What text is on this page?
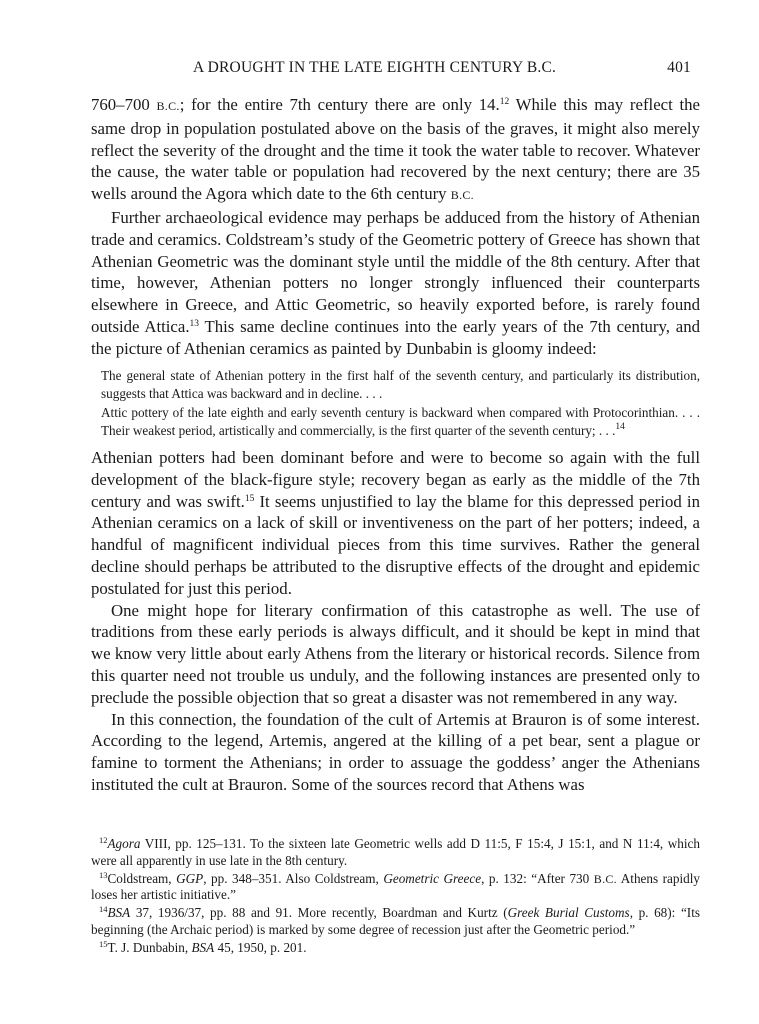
A DROUGHT IN THE LATE EIGHTH CENTURY B.C.	401

760–700 B.C.; for the entire 7th century there are only 14.12 While this may reflect the same drop in population postulated above on the basis of the graves, it might also merely reflect the severity of the drought and the time it took the water table to recover. Whatever the cause, the water table or population had recovered by the next century; there are 35 wells around the Agora which date to the 6th century B.C.

Further archaeological evidence may perhaps be adduced from the history of Athenian trade and ceramics. Coldstream’s study of the Geometric pottery of Greece has shown that Athenian Geometric was the dominant style until the middle of the 8th century. After that time, however, Athenian potters no longer strongly influenced their counterparts elsewhere in Greece, and Attic Geometric, so heavily exported before, is rarely found outside Attica.$^{13}$ This same decline continues into the early years of the 7th century, and the picture of Athenian ceramics as painted by Dunbabin is gloomy indeed:

The general state of Athenian pottery in the first half of the seventh century, and particularly its distribution, suggests that Attica was backward and in decline. . . .

Attic pottery of the late eighth and early seventh century is backward when compared with Protocorinthian. . . . Their weakest period, artistically and commercially, is the first quarter of the seventh century; . . .$^{14}$

Athenian potters had been dominant before and were to become so again with the full development of the black-figure style; recovery began as early as the middle of the 7th century and was swift.$^{15}$ It seems unjustified to lay the blame for this depressed period in Athenian ceramics on a lack of skill or inventiveness on the part of her potters; indeed, a handful of magnificent individual pieces from this time survives. Rather the general decline should perhaps be attributed to the disruptive effects of the drought and epidemic postulated for just this period.

One might hope for literary confirmation of this catastrophe as well. The use of traditions from these early periods is always difficult, and it should be kept in mind that we know very little about early Athens from the literary or historical records. Silence from this quarter need not trouble us unduly, and the following instances are presented only to preclude the possible objection that so great a disaster was not remembered in any way.

In this connection, the foundation of the cult of Artemis at Brauron is of some interest. According to the legend, Artemis, angered at the killing of a pet bear, sent a plague or famine to torment the Athenians; in order to assuage the goddess’ anger the Athenians instituted the cult at Brauron. Some of the sources record that Athens was

$^{12}$Agora VIII, pp. 125–131. To the sixteen late Geometric wells add D 11:5, F 15:4, J 15:1, and N 11:4, which were all apparently in use late in the 8th century.

$^{13}$Coldstream, GGP, pp. 348–351. Also Coldstream, Geometric Greece, p. 132: “After 730 B.C. Athens rapidly loses her artistic initiative.”

$^{14}$BSA 37, 1936/37, pp. 88 and 91. More recently, Boardman and Kurtz (Greek Burial Customs, p. 68): “Its beginning (the Archaic period) is marked by some degree of recession just after the Geometric period.”

$^{15}$T. J. Dunbabin, BSA 45, 1950, p. 201.
